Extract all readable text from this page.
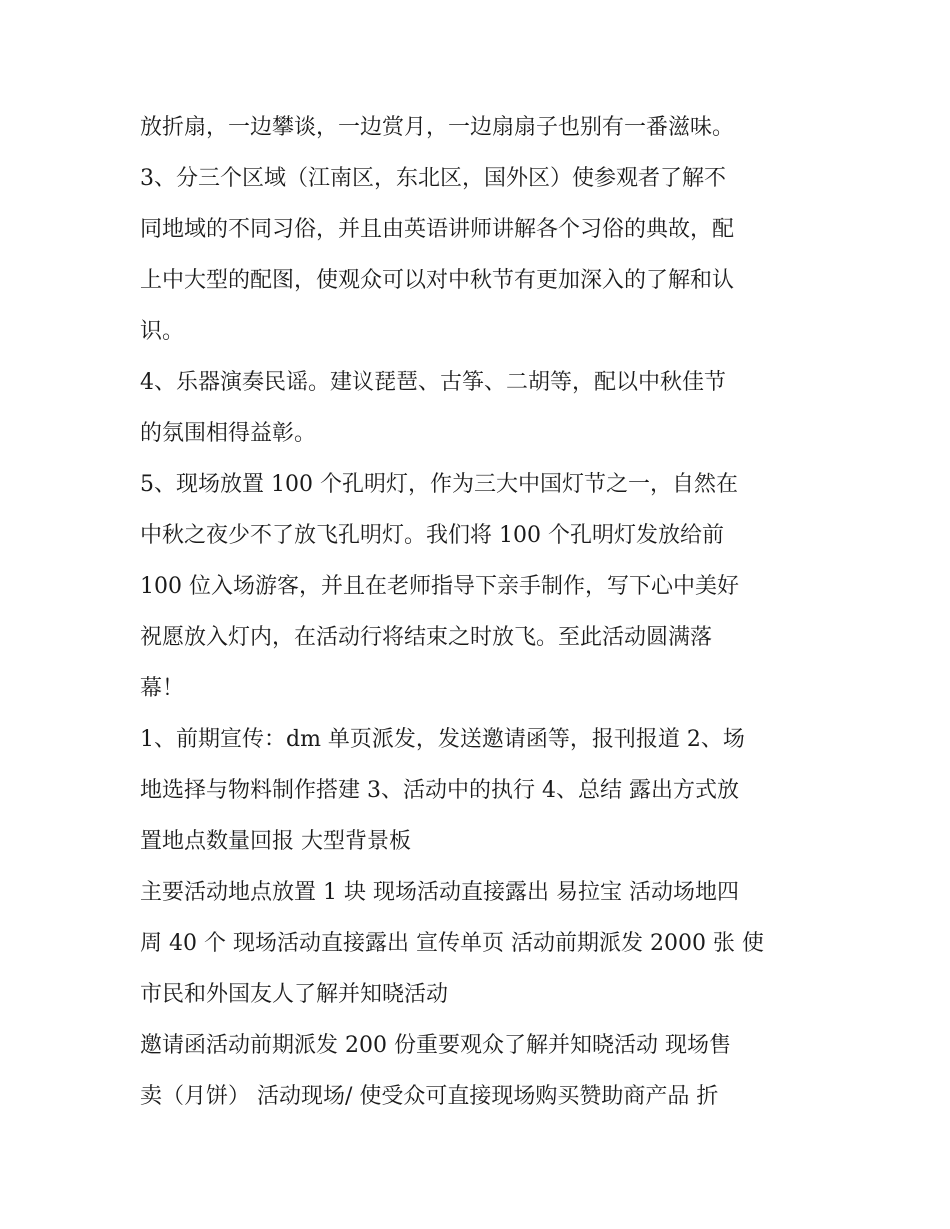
放折扇，一边攀谈，一边赏月，一边扇扇子也别有一番滋味。
3、分三个区域（江南区，东北区，国外区）使参观者了解不
同地域的不同习俗，并且由英语讲师讲解各个习俗的典故，配
上中大型的配图，使观众可以对中秋节有更加深入的了解和认
识。
4、乐器演奏民谣。建议琵琶、古筝、二胡等，配以中秋佳节
的氛围相得益彰。
5、现场放置 100 个孔明灯，作为三大中国灯节之一，自然在
中秋之夜少不了放飞孔明灯。我们将 100 个孔明灯发放给前
100 位入场游客，并且在老师指导下亲手制作，写下心中美好
祝愿放入灯内，在活动行将结束之时放飞。至此活动圆满落
幕！
1、前期宣传：dm 单页派发，发送邀请函等，报刊报道 2、场
地选择与物料制作搭建 3、活动中的执行 4、总结 露出方式放
置地点数量回报 大型背景板
主要活动地点放置 1 块 现场活动直接露出 易拉宝 活动场地四
周 40 个 现场活动直接露出 宣传单页 活动前期派发 2000 张 使
市民和外国友人了解并知晓活动
邀请函活动前期派发 200 份重要观众了解并知晓活动 现场售
卖（月饼） 活动现场/ 使受众可直接现场购买赞助商产品 折
